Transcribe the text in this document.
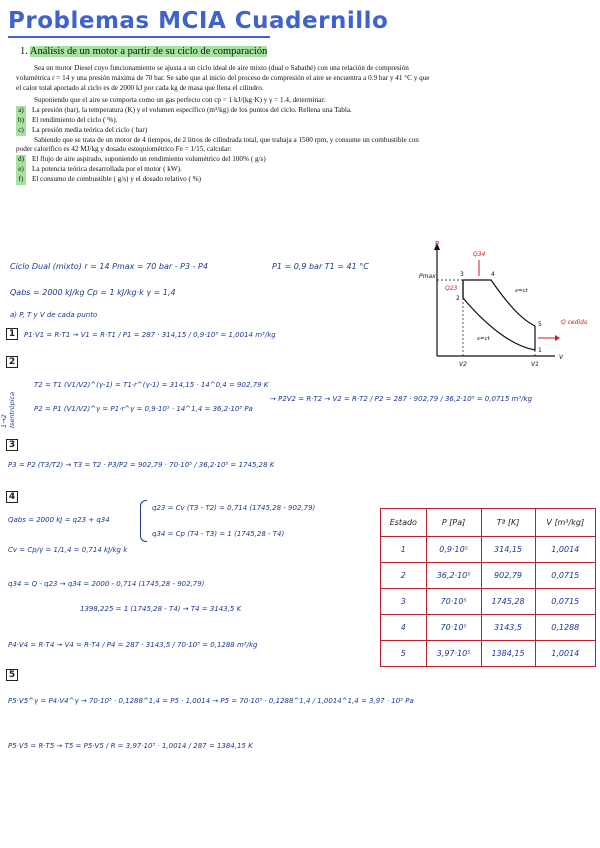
Problemas MCIA Cuadernillo
1. Análisis de un motor a partir de su ciclo de comparación

Sea un motor Diesel cuyo funcionamiento se ajusta a un ciclo ideal de aire mixto (dual o Sabathé) con una relación de compresión volumétrica r = 14 y una presión máxima de 70 bar. Se sabe que al inicio del proceso de compresión el aire se encuentra a 0.9 bar y 41 °C y que el calor total aportado al ciclo es de 2000 kJ por cada kg de masa que llena el cilindro.

Suponiendo que el aire se comporta como un gas perfecto con cp = 1 kJ/(kg·K) y γ = 1.4, determinar:

a)	La presión (bar), la temperatura (K) y el volumen específico (m³/kg) de los puntos del ciclo. Rellena una Tabla.
b) El rendimiento del ciclo ( %).
c)	La presión media teórica del ciclo ( bar)

Sabiendo que se trata de un motor de 4 tiempos, de 2 litros de cilindrada total, que trabaja a 1500 rpm, y consume un combustible con poder calorífico es 42 MJ/kg y dosado estequiométrico Fe = 1/15, calcular:

d) El flujo de aire aspirado, suponiendo un rendimiento volumétrico del 100% ( g/s)
e)	La potencia teórica desarrollada por el motor ( kW).
f)	El consumo de combustible ( g/s) y el dosado relativo ( %)
Ciclo Dual (mixto) r = 14 Pmax = 70 bar - P3 - P4	P1 = 0,9 bar T1 = 41 °C
Qabs = 2000 kJ/kg Cp = 1 kJ/kg·k γ = 1,4
a) P, T y V de cada punto
1	P1·V1 = R·T1 → V1 = R·T1 / P1 = 287 · 314,15 / 0,9·10⁵ = 1,0014 m³/kg
2
1→2 Isentrópica
T2 = T1 (V1/V2)^(γ-1) = T1·r^(γ-1) = 314,15 · 14^0,4 = 902,79 K
P2 = P1 (V1/V2)^γ = P1·r^γ = 0,9·10⁵ · 14^1,4 = 36,2·10⁵ Pa
→ P2V2 = R·T2 → V2 = R·T2 / P2 = 287 · 902,79 / 36,2·10⁵ = 0,0715 m³/kg
3
P3 = P2 (T3/T2) → T3 = T2 · P3/P2 = 902,79 · 70·10⁵ / 36,2·10⁵ = 1745,28 K
4
Qabs = 2000 kJ = q23 + q34
q23 = Cv (T3 - T2) = 0,714 (1745,28 - 902,79)
q34 = Cp (T4 - T3) = 1 (1745,28 - T4)
Cv = Cp/γ = 1/1,4 = 0,714 kJ/kg k
q34 = Q - q23 → q34 = 2000 - 0,714 (1745,28 - 902,79)
1398,225 = 1 (1745,28 - T4) → T4 = 3143,5 K
P4·V4 = R·T4 → V4 = R·T4 / P4 = 287 · 3143,5 / 70·10⁵ = 0,1288 m³/kg
5
P5·V5^γ = P4·V4^γ → 70·10⁵ · 0,1288^1,4 = P5 · 1,0014 → P5 = 70·10⁵ · 0,1288^1,4 / 1,0014^1,4 = 3,97 · 10⁵ Pa
P5·V5 = R·T5 → T5 = P5·V5 / R = 3,97·10⁵ · 1,0014 / 287 = 1384,15 K
P
Pmax	3	4
2
5
1
Q34
Q23	s=ct
s=ct
Q cedido
V2	V1
V
Estado	P [Pa]	Tª [K]	V [m³/kg]
1	0,9·10⁵	314,15	1,0014
2	36,2·10⁵	902,79	0,0715
3	70·10⁵	1745,28	0,0715
4	70·10⁵	3143,5	0,1288
5	3,97·10⁵	1384,15	1,0014
